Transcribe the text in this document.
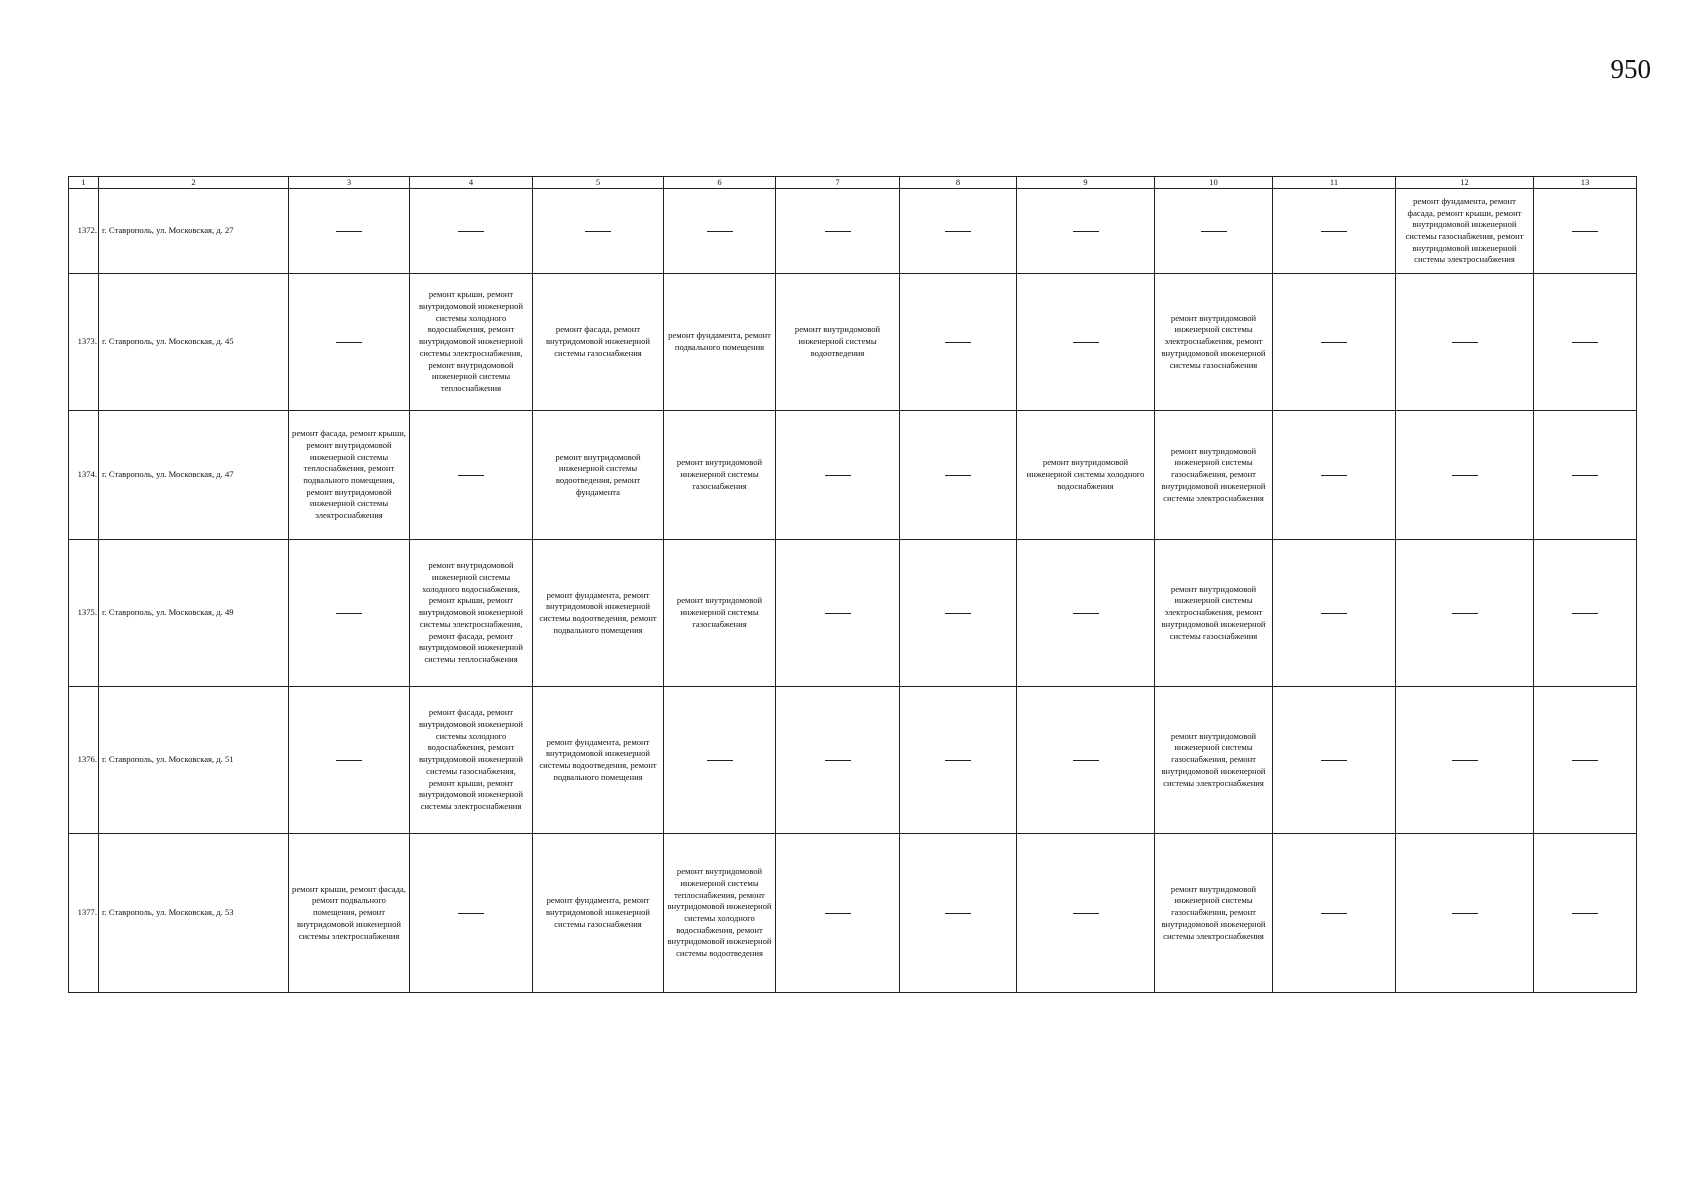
950
1	2	3	4	5	6	7	8	9	10	11	12	13
1372.	г. Ставрополь, ул. Московская, д. 27										ремонт фундамента, ремонт фасада, ремонт крыши, ремонт внутридомовой инженерной системы газоснабжения, ремонт внутридомовой инженерной системы электроснабжения	
1373.	г. Ставрополь, ул. Московская, д. 45		ремонт крыши, ремонт внутридомовой инженерной системы холодного водоснабжения, ремонт внутридомовой инженерной системы электроснабжения, ремонт внутридомовой инженерной системы теплоснабжения	ремонт фасада, ремонт внутридомовой инженерной системы газоснабжения	ремонт фундамента, ремонт подвального помещения	ремонт внутридомовой инженерной системы водоотведения			ремонт внутридомовой инженерной системы электроснабжения, ремонт внутридомовой инженерной системы газоснабжения			
1374.	г. Ставрополь, ул. Московская, д. 47	ремонт фасада, ремонт крыши, ремонт внутридомовой инженерной системы теплоснабжения, ремонт подвального помещения, ремонт внутридомовой инженерной системы электроснабжения		ремонт внутридомовой инженерной системы водоотведения, ремонт фундамента	ремонт внутридомовой инженерной системы газоснабжения			ремонт внутридомовой инженерной системы холодного водоснабжения	ремонт внутридомовой инженерной системы газоснабжения, ремонт внутридомовой инженерной системы электроснабжения			
1375.	г. Ставрополь, ул. Московская, д. 49		ремонт внутридомовой инженерной системы холодного водоснабжения, ремонт крыши, ремонт внутридомовой инженерной системы электроснабжения, ремонт фасада, ремонт внутридомовой инженерной системы теплоснабжения	ремонт фундамента, ремонт внутридомовой инженерной системы водоотведения, ремонт подвального помещения	ремонт внутридомовой инженерной системы газоснабжения				ремонт внутридомовой инженерной системы электроснабжения, ремонт внутридомовой инженерной системы газоснабжения			
1376.	г. Ставрополь, ул. Московская, д. 51		ремонт фасада, ремонт внутридомовой инженерной системы холодного водоснабжения, ремонт внутридомовой инженерной системы газоснабжения, ремонт крыши, ремонт внутридомовой инженерной системы электроснабжения	ремонт фундамента, ремонт внутридомовой инженерной системы водоотведения, ремонт подвального помещения					ремонт внутридомовой инженерной системы газоснабжения, ремонт внутридомовой инженерной системы электроснабжения			
1377.	г. Ставрополь, ул. Московская, д. 53	ремонт крыши, ремонт фасада, ремонт подвального помещения, ремонт внутридомовой инженерной системы электроснабжения		ремонт фундамента, ремонт внутридомовой инженерной системы газоснабжения	ремонт внутридомовой инженерной системы теплоснабжения, ремонт внутридомовой инженерной системы холодного водоснабжения, ремонт внутридомовой инженерной системы водоотведения				ремонт внутридомовой инженерной системы газоснабжения, ремонт внутридомовой инженерной системы электроснабжения			
